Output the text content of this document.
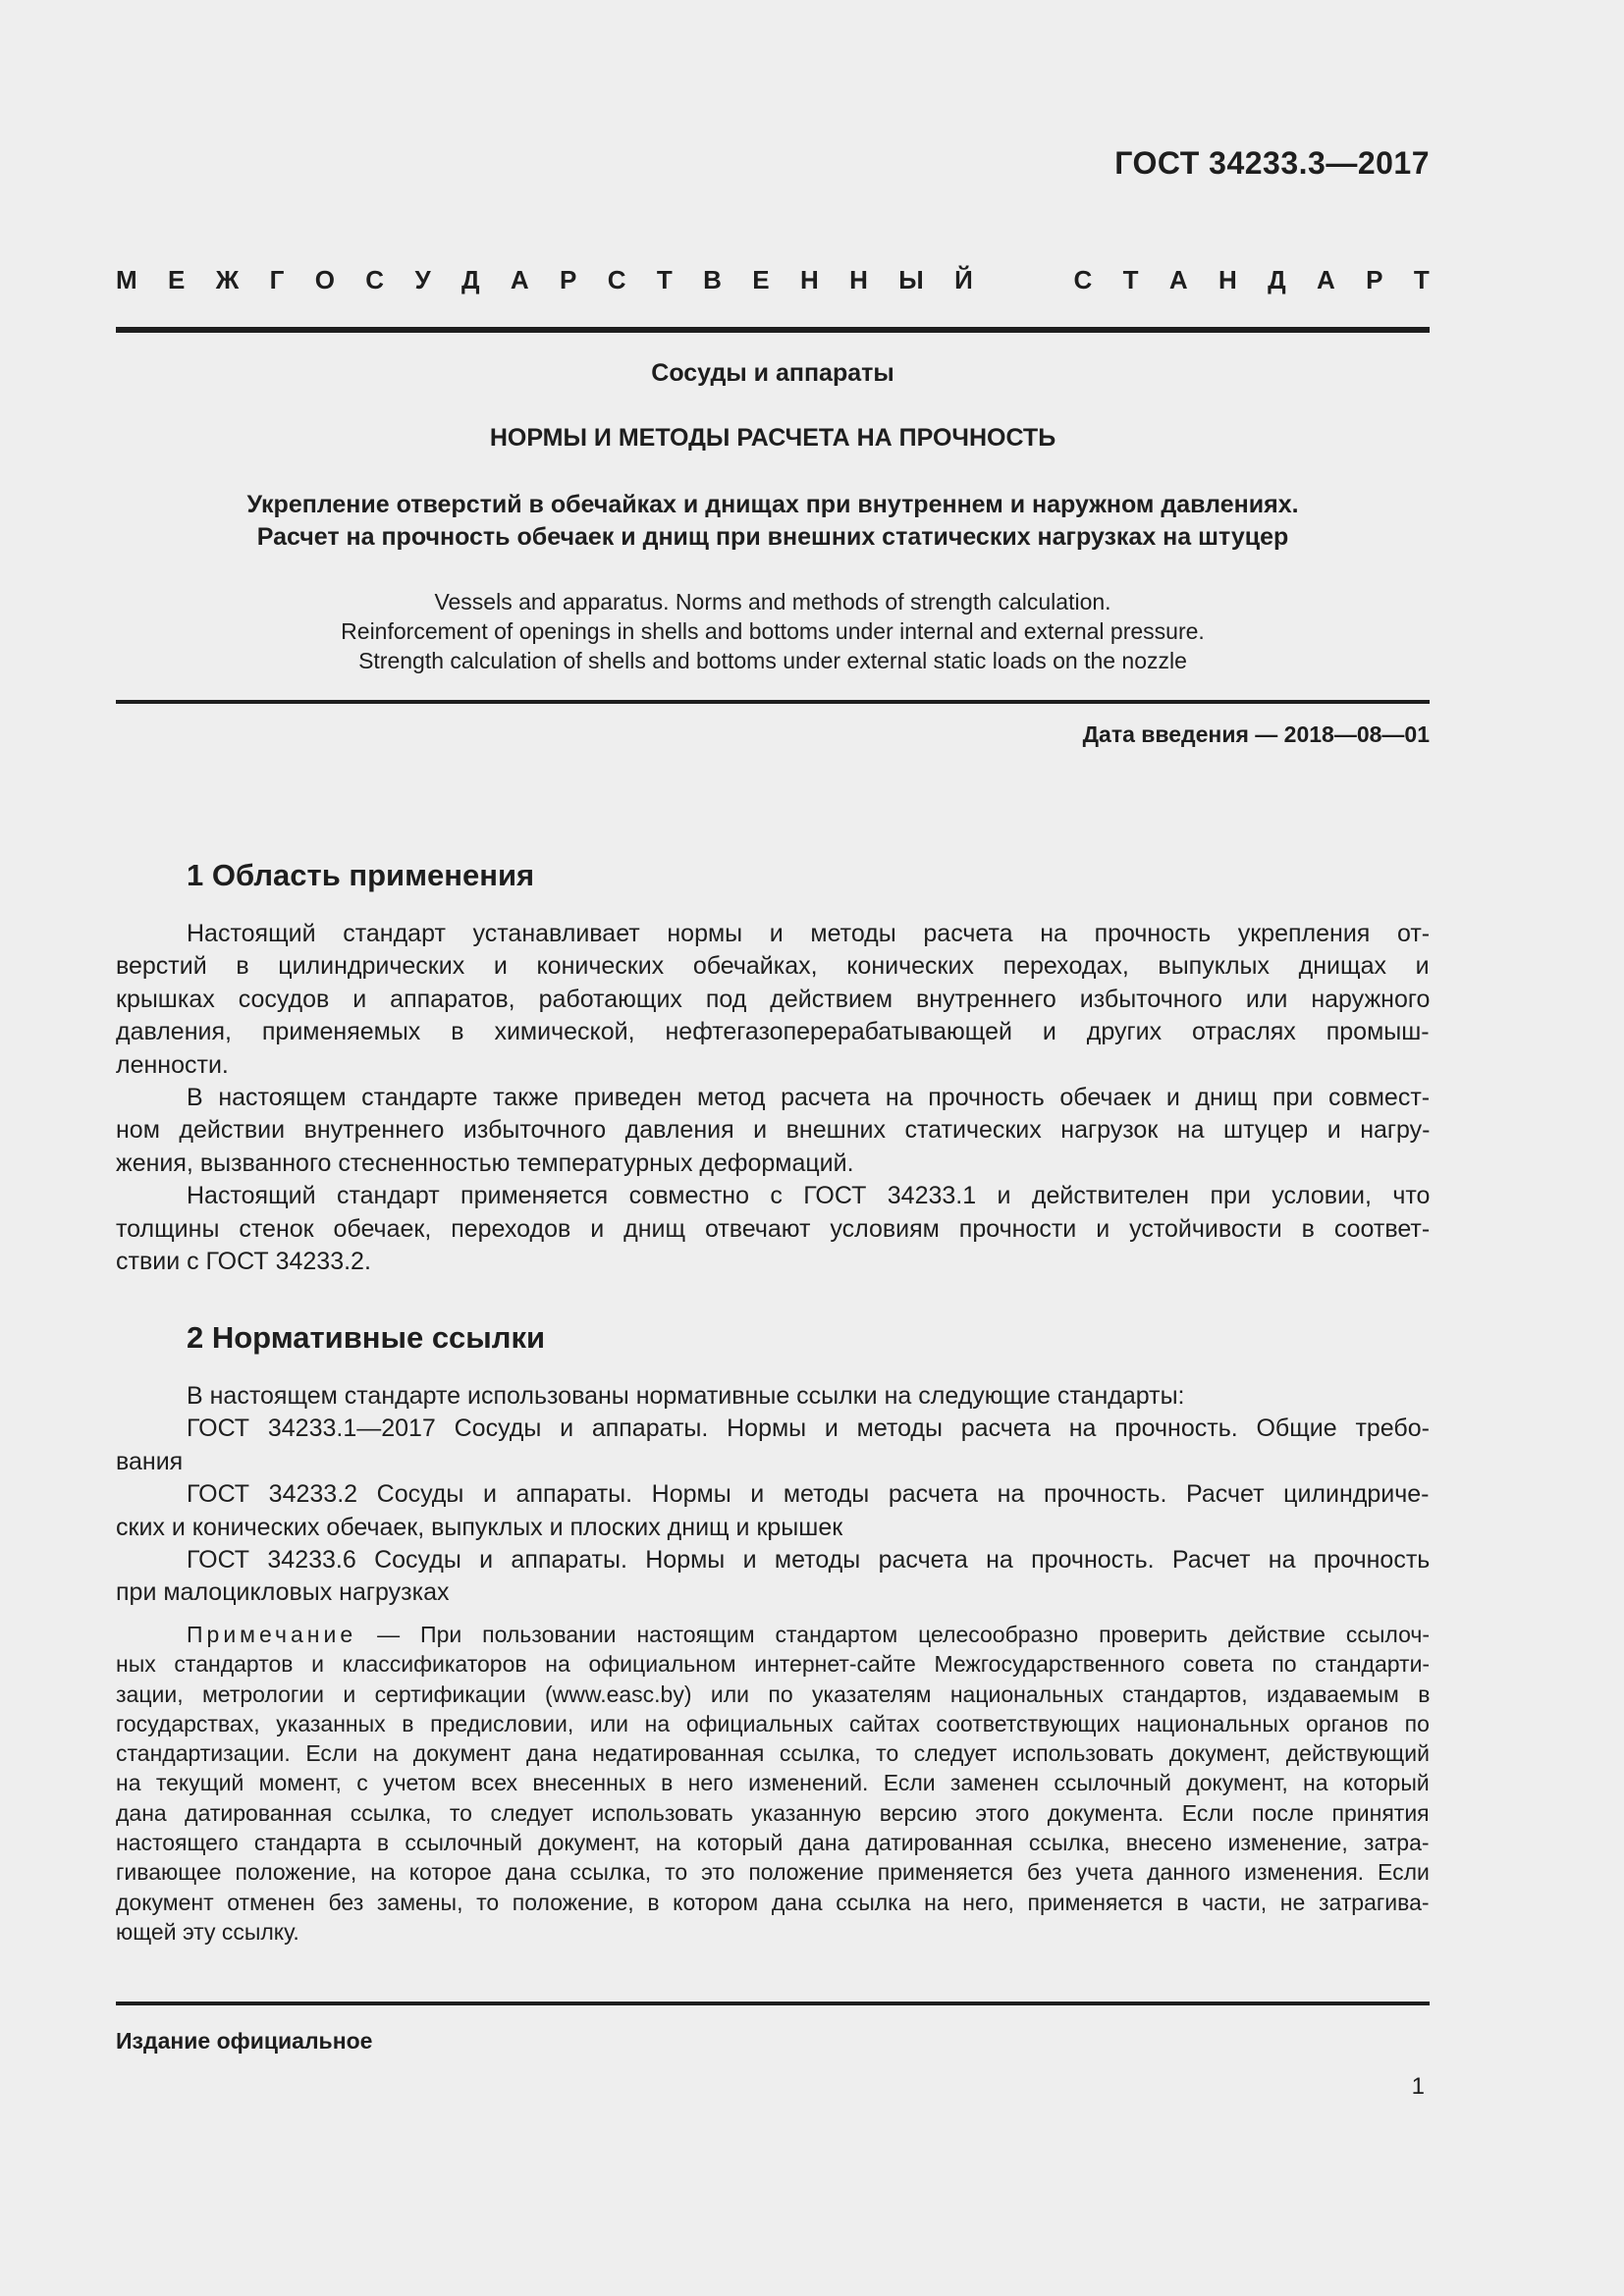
ГОСТ 34233.3—2017
М Е Ж Г О С У Д А Р С Т В Е Н Н Ы Й	С Т А Н Д А Р Т
Сосуды и аппараты
НОРМЫ И МЕТОДЫ РАСЧЕТА НА ПРОЧНОСТЬ
Укрепление отверстий в обечайках и днищах при внутреннем и наружном давлениях.
Расчет на прочность обечаек и днищ при внешних статических нагрузках на штуцер
Vessels and apparatus. Norms and methods of strength calculation.
Reinforcement of openings in shells and bottoms under internal and external pressure.
Strength calculation of shells and bottoms under external static loads on the nozzle
Дата введения — 2018—08—01
1 Область применения
Настоящий стандарт устанавливает нормы и методы расчета на прочность укрепления от-
верстий в цилиндрических и конических обечайках, конических переходах, выпуклых днищах и
крышках сосудов и аппаратов, работающих под действием внутреннего избыточного или наружного
давления, применяемых в химической, нефтегазоперерабатывающей и других отраслях промыш-
ленности.
В настоящем стандарте также приведен метод расчета на прочность обечаек и днищ при совмест-
ном действии внутреннего избыточного давления и внешних статических нагрузок на штуцер и нагру-
жения, вызванного стесненностью температурных деформаций.
Настоящий стандарт применяется совместно с ГОСТ 34233.1 и действителен при условии, что
толщины стенок обечаек, переходов и днищ отвечают условиям прочности и устойчивости в соответ-
ствии с ГОСТ 34233.2.
2 Нормативные ссылки
В настоящем стандарте использованы нормативные ссылки на следующие стандарты:
ГОСТ 34233.1—2017 Сосуды и аппараты. Нормы и методы расчета на прочность. Общие требо-
вания
ГОСТ 34233.2 Сосуды и аппараты. Нормы и методы расчета на прочность. Расчет цилиндриче-
ских и конических обечаек, выпуклых и плоских днищ и крышек
ГОСТ 34233.6 Сосуды и аппараты. Нормы и методы расчета на прочность. Расчет на прочность
при малоцикловых нагрузках
Примечание — При пользовании настоящим стандартом целесообразно проверить действие ссылоч-
ных стандартов и классификаторов на официальном интернет-сайте Межгосударственного совета по стандарти-
зации, метрологии и сертификации (www.easc.by) или по указателям национальных стандартов, издаваемым в
государствах, указанных в предисловии, или на официальных сайтах соответствующих национальных органов по
стандартизации. Если на документ дана недатированная ссылка, то следует использовать документ, действующий
на текущий момент, с учетом всех внесенных в него изменений. Если заменен ссылочный документ, на который
дана датированная ссылка, то следует использовать указанную версию этого документа. Если после принятия
настоящего стандарта в ссылочный документ, на который дана датированная ссылка, внесено изменение, затра-
гивающее положение, на которое дана ссылка, то это положение применяется без учета данного изменения. Если
документ отменен без замены, то положение, в котором дана ссылка на него, применяется в части, не затрагива-
ющей эту ссылку.
Издание официальное
1
